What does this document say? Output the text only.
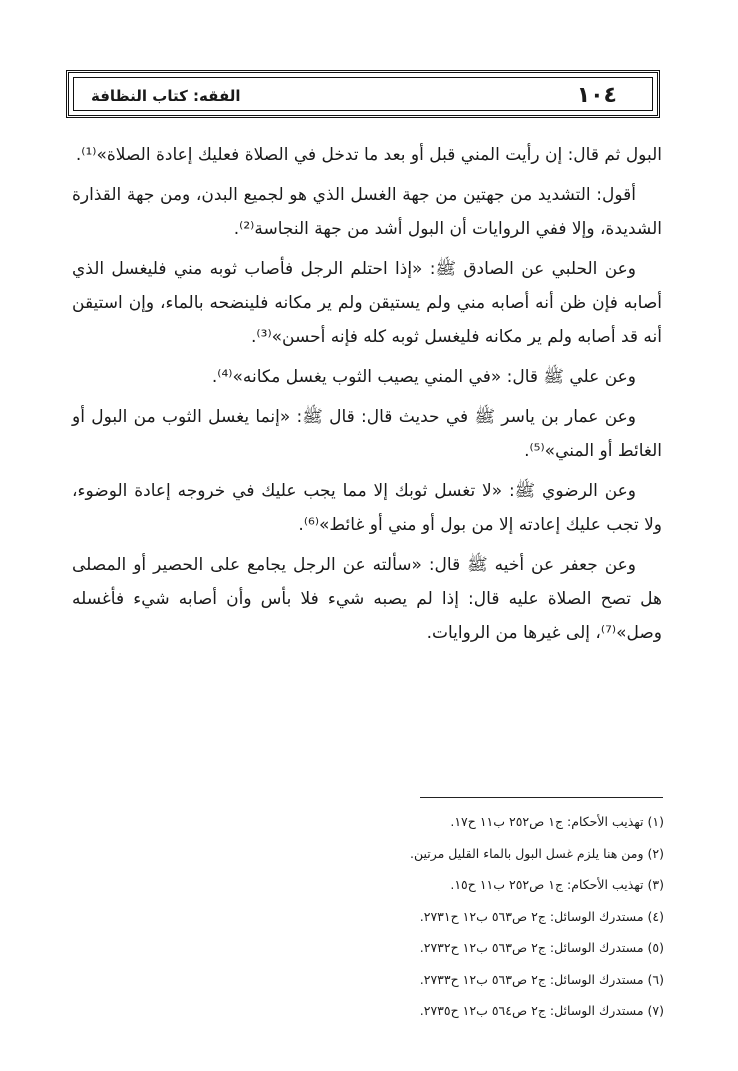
١٠٤
الفقه: كتاب النظافة

البول ثم قال: إن رأيت المني قبل أو بعد ما تدخل في الصلاة فعليك إعادة الصلاة»⁽¹⁾.

أقول: التشديد من جهتين من جهة الغسل الذي هو لجميع البدن، ومن جهة القذارة الشديدة، وإلا ففي الروايات أن البول أشد من جهة النجاسة⁽²⁾.

وعن الحلبي عن الصادق ﷺ: «إذا احتلم الرجل فأصاب ثوبه مني فليغسل الذي أصابه فإن ظن أنه أصابه مني ولم يستيقن ولم ير مكانه فلينضحه بالماء، وإن استيقن أنه قد أصابه ولم ير مكانه فليغسل ثوبه كله فإنه أحسن»⁽³⁾.

وعن علي ﷺ قال: «في المني يصيب الثوب يغسل مكانه»⁽⁴⁾.

وعن عمار بن ياسر ﷺ في حديث قال: قال ﷺ: «إنما يغسل الثوب من البول أو الغائط أو المني»⁽⁵⁾.

وعن الرضوي ﷺ: «لا تغسل ثوبك إلا مما يجب عليك في خروجه إعادة الوضوء، ولا تجب عليك إعادته إلا من بول أو مني أو غائط»⁽⁶⁾.

وعن جعفر عن أخيه ﷺ قال: «سألته عن الرجل يجامع على الحصير أو المصلى هل تصح الصلاة عليه قال: إذا لم يصبه شيء فلا بأس وأن أصابه شيء فأغسله وصل»⁽⁷⁾، إلى غيرها من الروايات.

(١) تهذيب الأحكام: ج١ ص٢٥٢ ب١١ ح١٧.
(٢) ومن هنا يلزم غسل البول بالماء القليل مرتين.
(٣) تهذيب الأحكام: ج١ ص٢٥٢ ب١١ ح١٥.
(٤) مستدرك الوسائل: ج٢ ص٥٦٣ ب١٢ ح٢٧٣١.
(٥) مستدرك الوسائل: ج٢ ص٥٦٣ ب١٢ ح٢٧٣٢.
(٦) مستدرك الوسائل: ج٢ ص٥٦٣ ب١٢ ح٢٧٣٣.
(٧) مستدرك الوسائل: ج٢ ص٥٦٤ ب١٢ ح٢٧٣٥.
